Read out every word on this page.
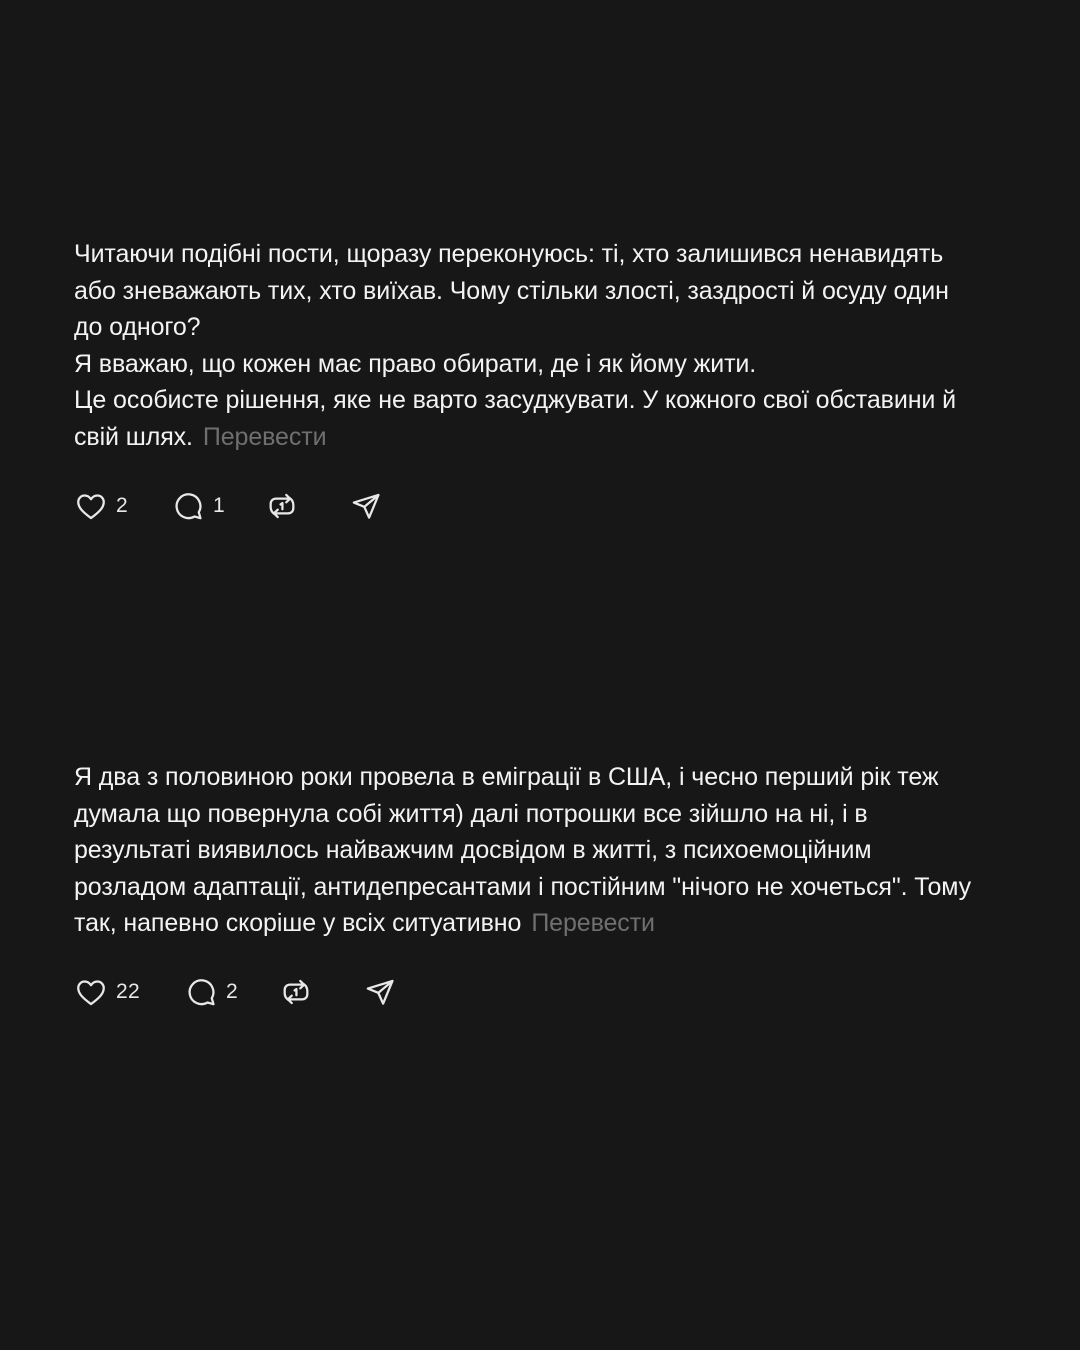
Читаючи подібні пости, щоразу переконуюсь: ті, хто залишився ненавидять
або зневажають тих, хто виїхав. Чому стільки злості, заздрості й осуду один
до одного?
Я вважаю, що кожен має право обирати, де і як йому жити.
Це особисте рішення, яке не варто засуджувати. У кожного свої обставини й
свій шлях. Перевести

2	1

Я два з половиною роки провела в еміграції в США, і чесно перший рік теж
думала що повернула собі життя) далі потрошки все зійшло на ні, і в
результаті виявилось найважчим досвідом в житті, з психоемоційним
розладом адаптації, антидепресантами і постійним "нічого не хочеться". Тому
так, напевно скоріше у всіх ситуативно Перевести

22	2
